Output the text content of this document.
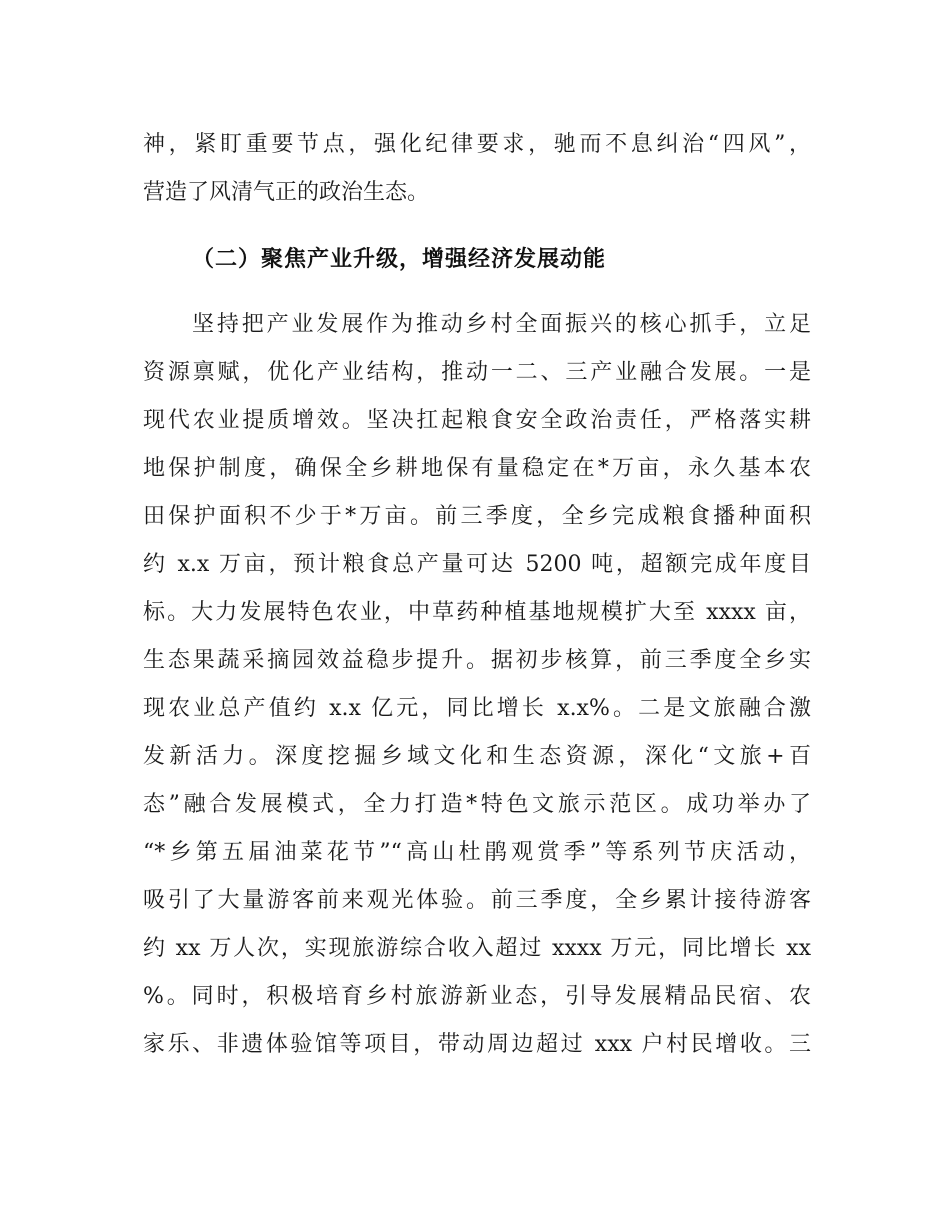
神，紧盯重要节点，强化纪律要求，驰而不息纠治“四风”，
营造了风清气正的政治生态。
（二）聚焦产业升级，增强经济发展动能
坚持把产业发展作为推动乡村全面振兴的核心抓手，立足
资源禀赋，优化产业结构，推动一二、三产业融合发展。一是
现代农业提质增效。坚决扛起粮食安全政治责任，严格落实耕
地保护制度，确保全乡耕地保有量稳定在*万亩，永久基本农
田保护面积不少于*万亩。前三季度，全乡完成粮食播种面积
约 x.x 万亩，预计粮食总产量可达 5200 吨，超额完成年度目
标。大力发展特色农业，中草药种植基地规模扩大至 xxxx 亩，
生态果蔬采摘园效益稳步提升。据初步核算，前三季度全乡实
现农业总产值约 x.x 亿元，同比增长 x.x%。二是文旅融合激
发新活力。深度挖掘乡域文化和生态资源，深化“文旅+百
态”融合发展模式，全力打造*特色文旅示范区。成功举办了
“*乡第五届油菜花节”“高山杜鹃观赏季”等系列节庆活动，
吸引了大量游客前来观光体验。前三季度，全乡累计接待游客
约 xx 万人次，实现旅游综合收入超过 xxxx 万元，同比增长 xx
%。同时，积极培育乡村旅游新业态，引导发展精品民宿、农
家乐、非遗体验馆等项目，带动周边超过 xxx 户村民增收。三
